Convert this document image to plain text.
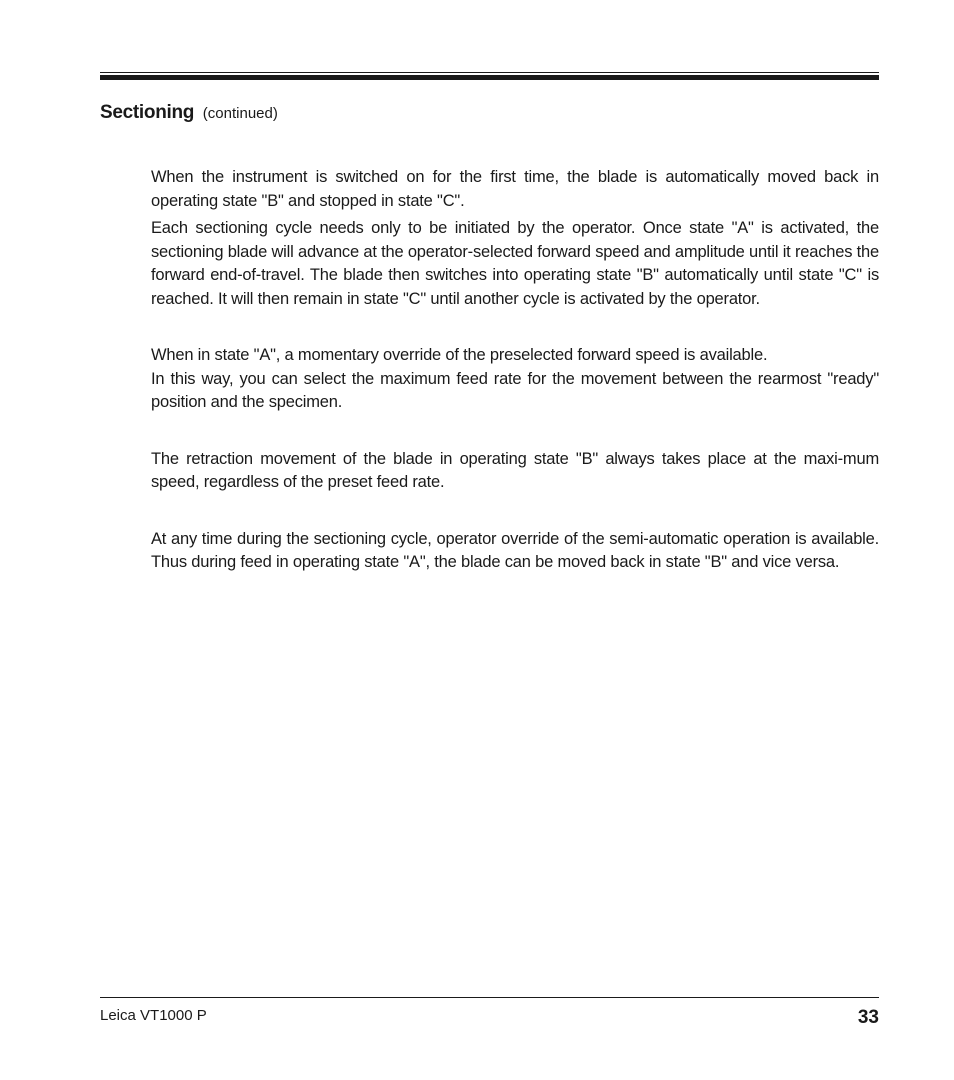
Sectioning (continued)

When the instrument is switched on for the first time, the blade is automatically moved back in operating state "B" and stopped in state "C".

Each sectioning cycle needs only to be initiated by the operator. Once state "A" is activated, the sectioning blade will advance at the operator-selected forward speed and amplitude until it reaches the forward end-of-travel. The blade then switches into operating state "B" automatically until state "C" is reached. It will then remain in state "C" until another cycle is activated by the operator.

When in state "A", a momentary override of the preselected forward speed is available.

In this way, you can select the maximum feed rate for the movement between the rearmost "ready" position and the specimen.

The retraction movement of the blade in operating state "B" always takes place at the maxi-mum speed, regardless of the preset feed rate.

At any time during the sectioning cycle, operator override of the semi-automatic operation is available. Thus during feed in operating state "A", the blade can be moved back in state "B" and vice versa.

Leica VT1000 P	33
